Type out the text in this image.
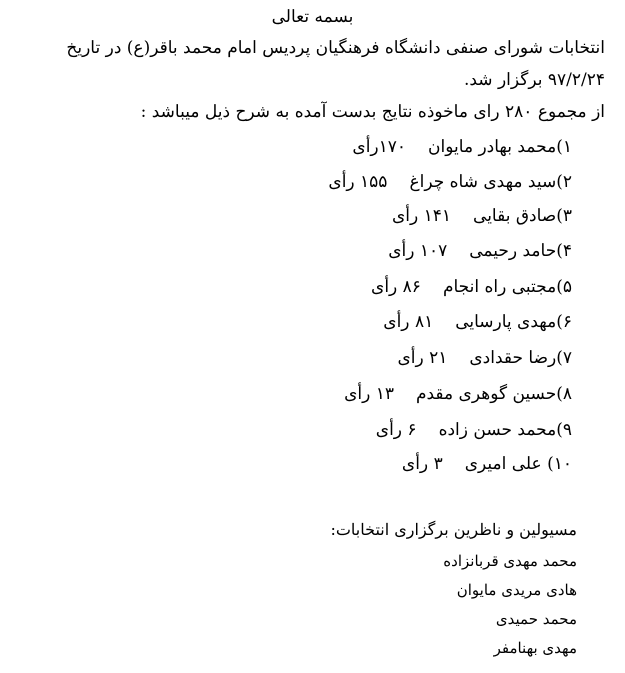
بسمه تعالی
انتخابات شورای صنفی دانشگاه فرهنگیان پردیس امام محمد باقر(ع) در تاریخ
۹۷/۲/۲۴ برگزار شد.
از مجموع ۲۸۰ رای ماخوذه نتایج بدست آمده به شرح ذیل میباشد :
۱)محمد بهادر مایوان۱۷۰رأی
۲)سید مهدی شاه چراغ۱۵۵ رأی
۳)صادق بقایی۱۴۱ رأی
۴)حامد رحیمی۱۰۷ رأی
۵)مجتبی راه انجام۸۶ رأی
۶)مهدی پارسایی۸۱ رأی
۷)رضا حقدادی۲۱ رأی
۸)حسین گوهری مقدم۱۳ رأی
۹)محمد حسن زاده۶ رأی
۱۰) علی امیری۳ رأی
مسیولین و ناظرین برگزاری انتخابات:
محمد مهدی قربانزاده
هادی مریدی مایوان
محمد حمیدی
مهدی بهنامفر
